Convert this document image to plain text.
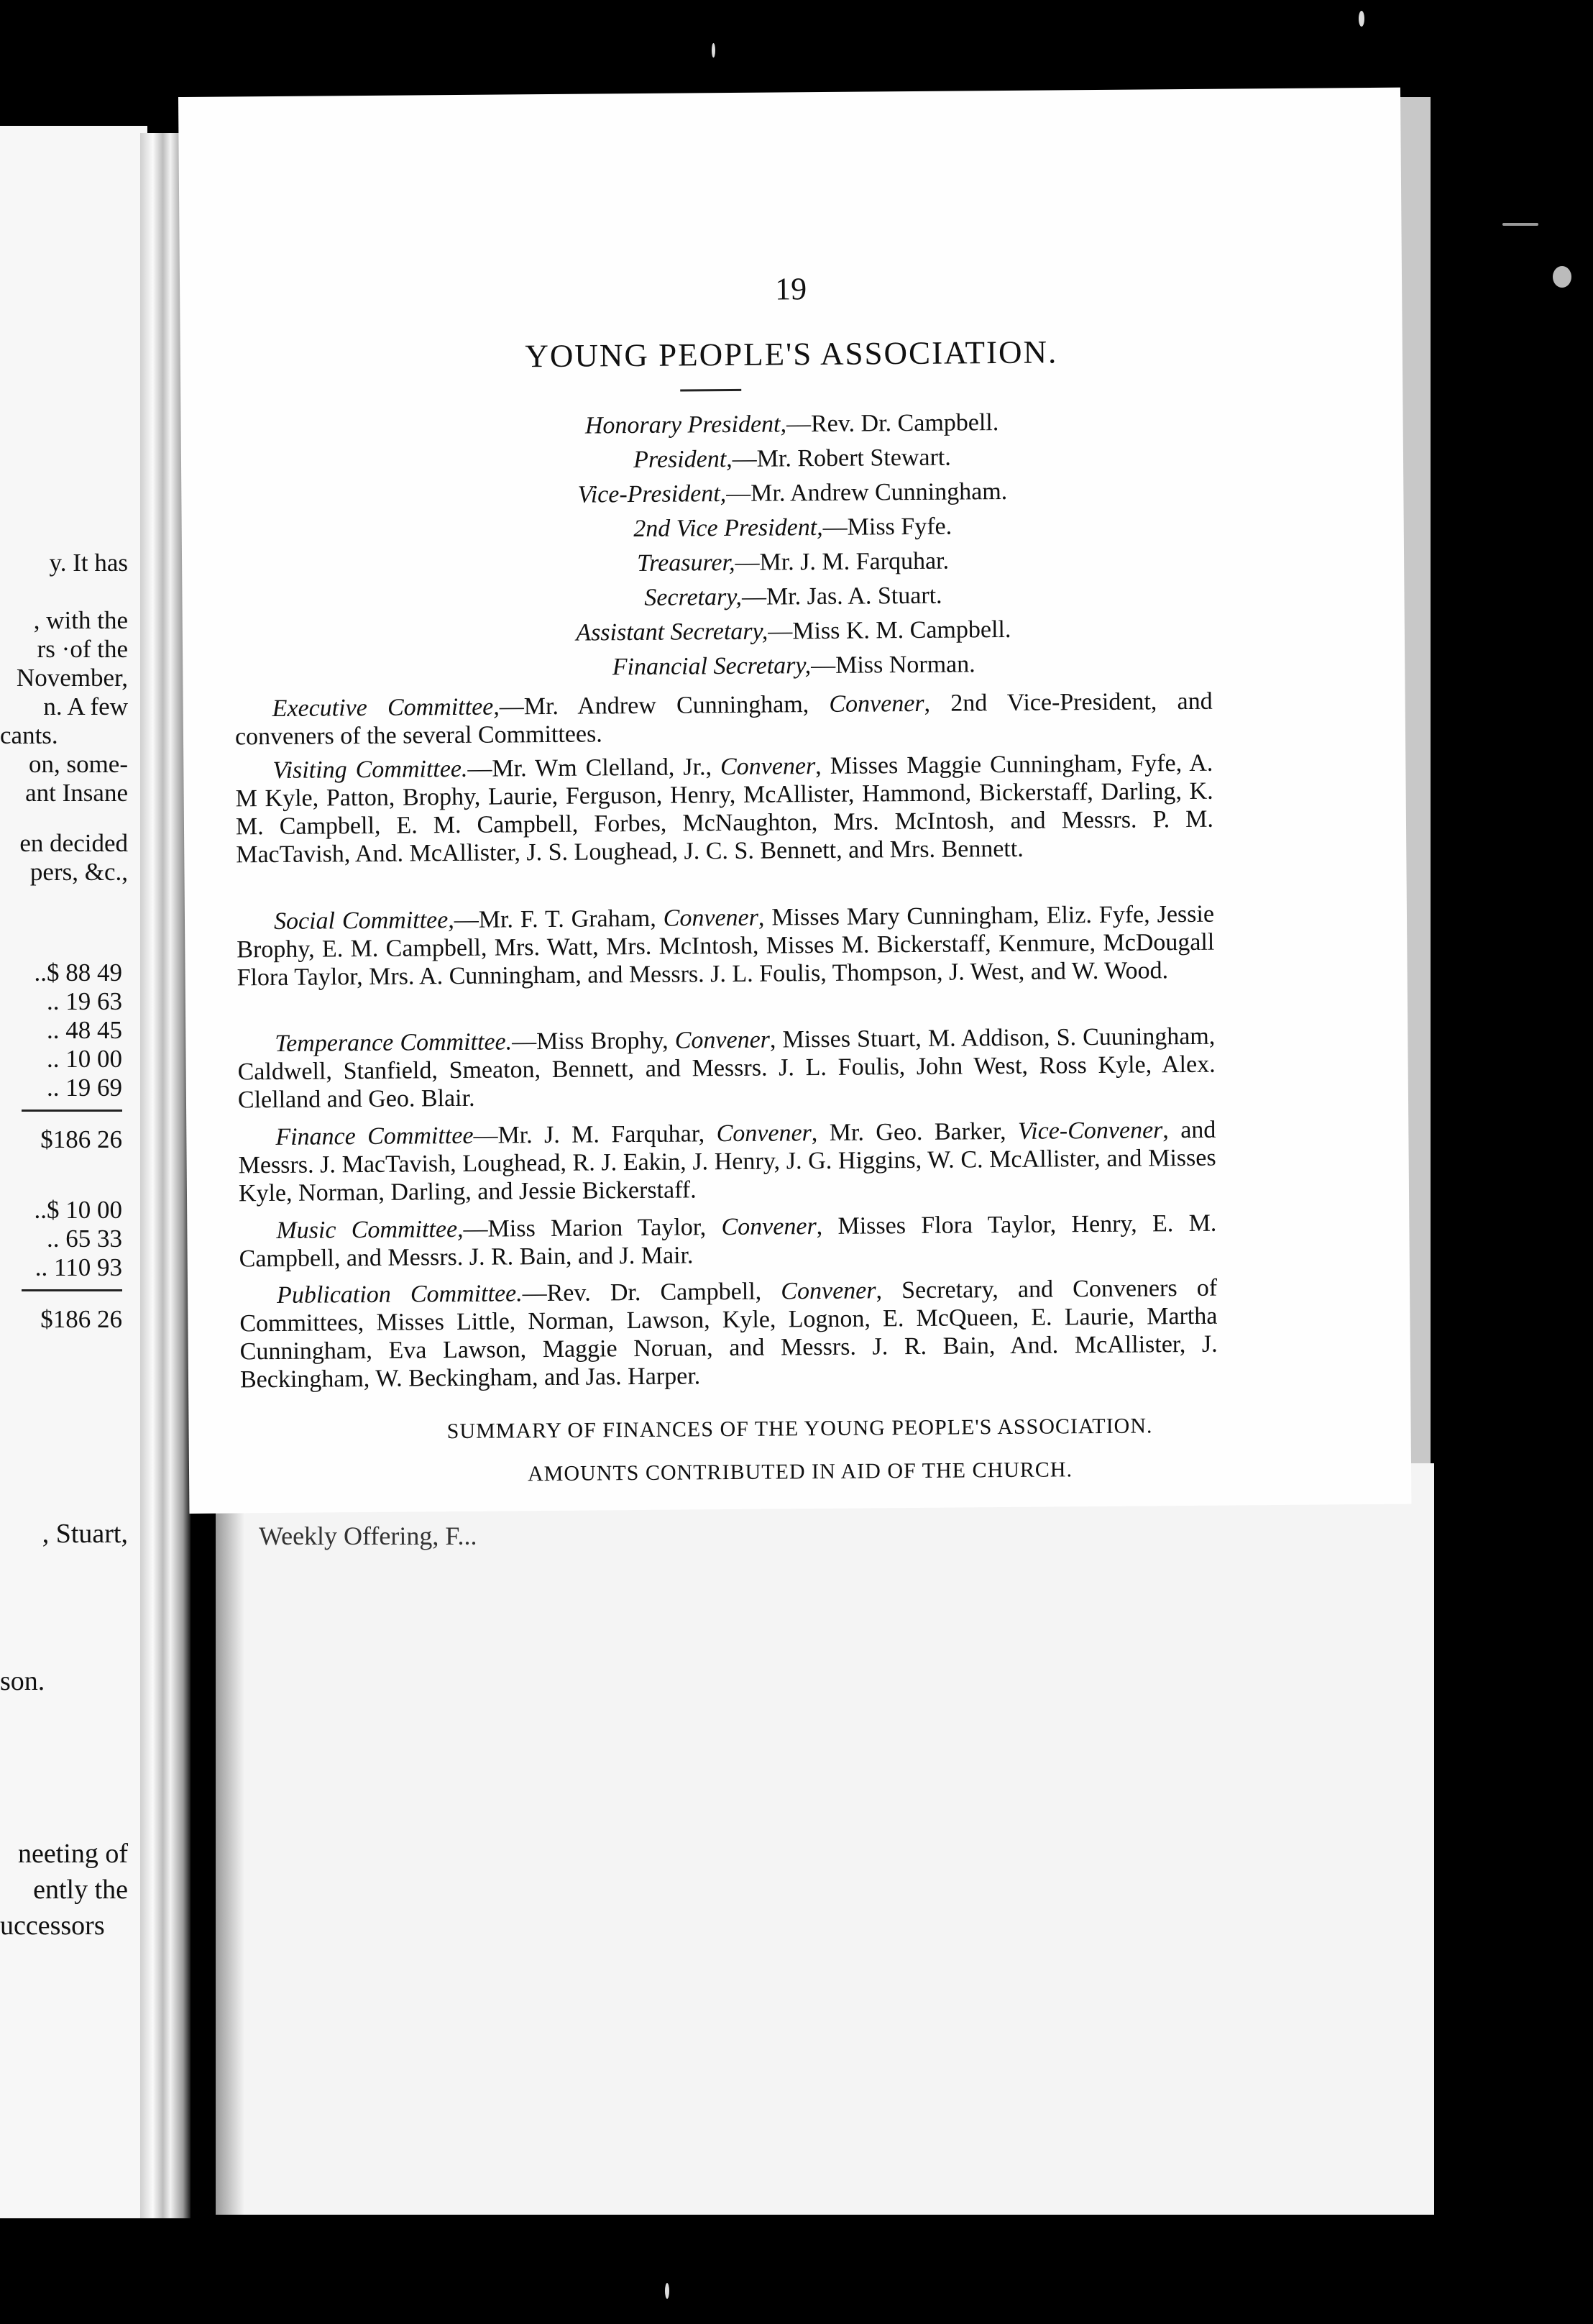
Weekly Offering, F...
y. It has
, with the
rs ·of the
November,
n. A few
cants.
on, some-
ant Insane
en decided
pers, &c.,
..$ 88 49
.. 19 63
.. 48 45
.. 10 00
.. 19 69
$186 26
..$ 10 00
.. 65 33
.. 110 93
$186 26
, Stuart,
son.
neeting of
ently the
uccessors
19
YOUNG PEOPLE'S ASSOCIATION.
Honorary President,—Rev. Dr. Campbell.
President,—Mr. Robert Stewart.
Vice-President,—Mr. Andrew Cunningham.
2nd Vice President,—Miss Fyfe.
Treasurer,—Mr. J. M. Farquhar.
Secretary,—Mr. Jas. A. Stuart.
Assistant Secretary,—Miss K. M. Campbell.
Financial Secretary,—Miss Norman.
Executive Committee,—Mr. Andrew Cunningham, Convener, 2nd Vice-President, and conveners of the several Committees.
Visiting Committee.—Mr. Wm Clelland, Jr., Convener, Misses Maggie Cunningham, Fyfe, A. M Kyle, Patton, Brophy, Laurie, Ferguson, Henry, McAllister, Hammond, Bickerstaff, Darling, K. M. Campbell, E. M. Campbell, Forbes, McNaughton, Mrs. McIntosh, and Messrs. P. M. MacTavish, And. McAllister, J. S. Loughead, J. C. S. Bennett, and Mrs. Bennett.
Social Committee,—Mr. F. T. Graham, Convener, Misses Mary Cunningham, Eliz. Fyfe, Jessie Brophy, E. M. Campbell, Mrs. Watt, Mrs. McIntosh, Misses M. Bickerstaff, Kenmure, McDougall Flora Taylor, Mrs. A. Cunningham, and Messrs. J. L. Foulis, Thompson, J. West, and W. Wood.
Temperance Committee.—Miss Brophy, Convener, Misses Stuart, M. Addison, S. Cuuningham, Caldwell, Stanfield, Smeaton, Bennett, and Messrs. J. L. Foulis, John West, Ross Kyle, Alex. Clelland and Geo. Blair.
Finance Committee—Mr. J. M. Farquhar, Convener, Mr. Geo. Barker, Vice-Convener, and Messrs. J. MacTavish, Loughead, R. J. Eakin, J. Henry, J. G. Higgins, W. C. McAllister, and Misses Kyle, Norman, Darling, and Jessie Bickerstaff.
Music Committee,—Miss Marion Taylor, Convener, Misses Flora Taylor, Henry, E. M. Campbell, and Messrs. J. R. Bain, and J. Mair.
Publication Committee.—Rev. Dr. Campbell, Convener, Secretary, and Conveners of Committees, Misses Little, Norman, Lawson, Kyle, Lognon, E. McQueen, E. Laurie, Martha Cunningham, Eva Lawson, Maggie Noruan, and Messrs. J. R. Bain, And. McAllister, J. Beckingham, W. Beckingham, and Jas. Harper.
SUMMARY OF FINANCES OF THE YOUNG PEOPLE'S ASSOCIATION.
AMOUNTS CONTRIBUTED IN AID OF THE CHURCH.
